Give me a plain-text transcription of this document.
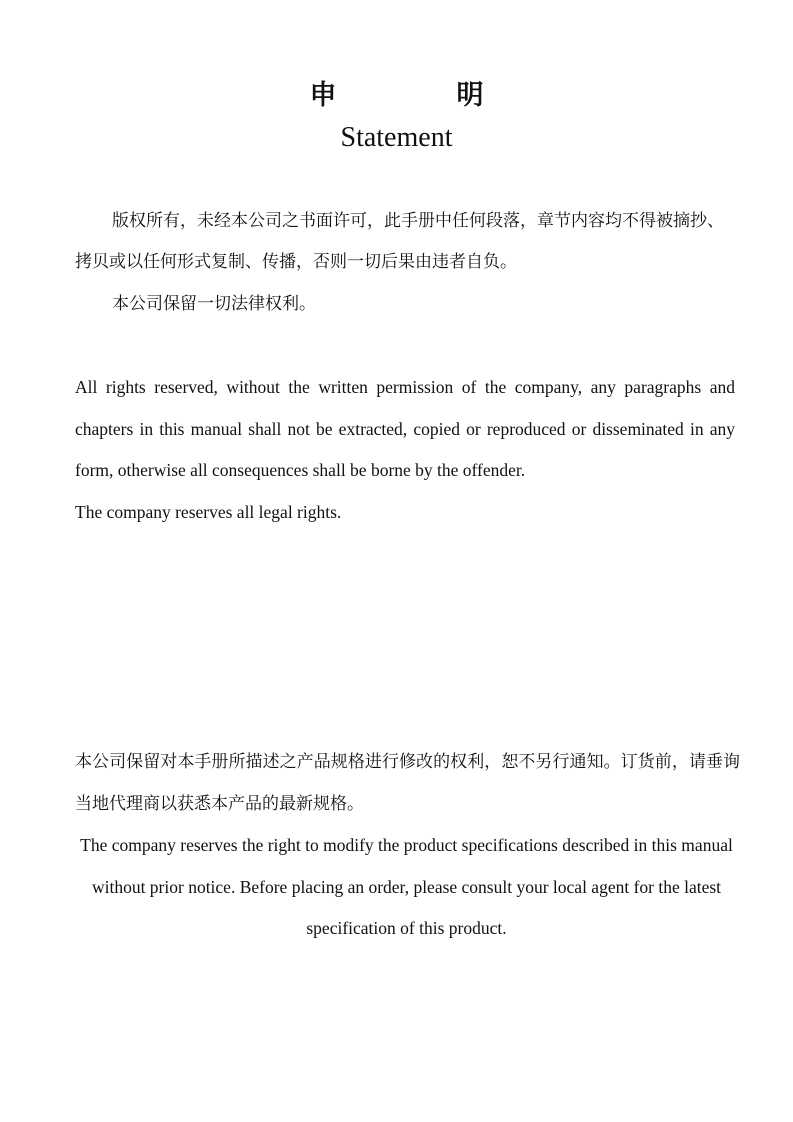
申	明
Statement

版权所有，未经本公司之书面许可，此手册中任何段落，章节内容均不得被摘抄、拷贝或以任何形式复制、传播，否则一切后果由违者自负。

本公司保留一切法律权利。

All rights reserved, without the written permission of the company, any paragraphs and chapters in this manual shall not be extracted, copied or reproduced or disseminated in any form, otherwise all consequences shall be borne by the offender.

The company reserves all legal rights.

本公司保留对本手册所描述之产品规格进行修改的权利，恕不另行通知。订货前，请垂询当地代理商以获悉本产品的最新规格。

The company reserves the right to modify the product specifications described in this manual without prior notice. Before placing an order, please consult your local agent for the latest specification of this product.
